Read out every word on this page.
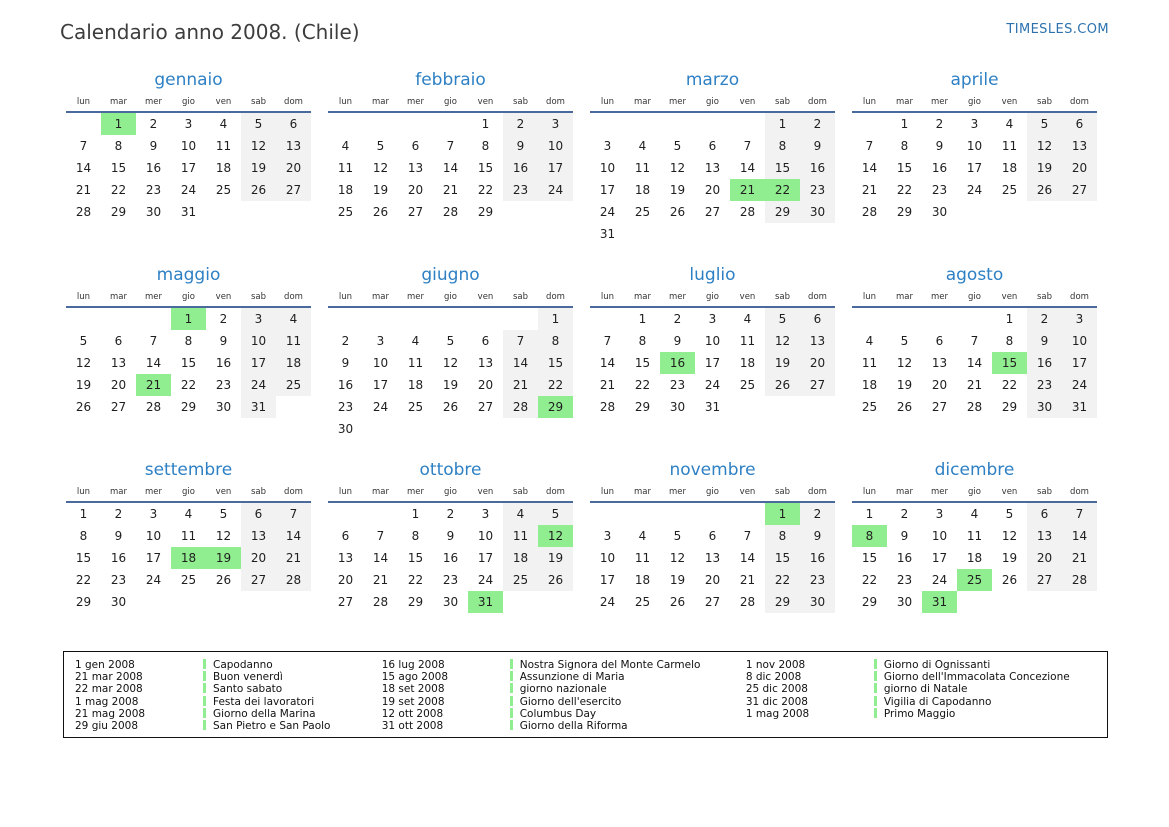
Calendario anno 2008. (Chile)	TIMESLES.COM
gennaio
lun	mar	mer	gio	ven	sab	dom
	1	2	3	4	5	6
7	8	9	10	11	12	13
14	15	16	17	18	19	20
21	22	23	24	25	26	27
28	29	30	31			
febbraio
lun	mar	mer	gio	ven	sab	dom
				1	2	3
4	5	6	7	8	9	10
11	12	13	14	15	16	17
18	19	20	21	22	23	24
25	26	27	28	29		
marzo
lun	mar	mer	gio	ven	sab	dom
					1	2
3	4	5	6	7	8	9
10	11	12	13	14	15	16
17	18	19	20	21	22	23
24	25	26	27	28	29	30
31						
aprile
lun	mar	mer	gio	ven	sab	dom
	1	2	3	4	5	6
7	8	9	10	11	12	13
14	15	16	17	18	19	20
21	22	23	24	25	26	27
28	29	30				
maggio
lun	mar	mer	gio	ven	sab	dom
			1	2	3	4
5	6	7	8	9	10	11
12	13	14	15	16	17	18
19	20	21	22	23	24	25
26	27	28	29	30	31	
giugno
lun	mar	mer	gio	ven	sab	dom
						1
2	3	4	5	6	7	8
9	10	11	12	13	14	15
16	17	18	19	20	21	22
23	24	25	26	27	28	29
30						
luglio
lun	mar	mer	gio	ven	sab	dom
	1	2	3	4	5	6
7	8	9	10	11	12	13
14	15	16	17	18	19	20
21	22	23	24	25	26	27
28	29	30	31			
agosto
lun	mar	mer	gio	ven	sab	dom
				1	2	3
4	5	6	7	8	9	10
11	12	13	14	15	16	17
18	19	20	21	22	23	24
25	26	27	28	29	30	31
settembre
lun	mar	mer	gio	ven	sab	dom
1	2	3	4	5	6	7
8	9	10	11	12	13	14
15	16	17	18	19	20	21
22	23	24	25	26	27	28
29	30					
ottobre
lun	mar	mer	gio	ven	sab	dom
		1	2	3	4	5
6	7	8	9	10	11	12
13	14	15	16	17	18	19
20	21	22	23	24	25	26
27	28	29	30	31		
novembre
lun	mar	mer	gio	ven	sab	dom
					1	2
3	4	5	6	7	8	9
10	11	12	13	14	15	16
17	18	19	20	21	22	23
24	25	26	27	28	29	30
dicembre
lun	mar	mer	gio	ven	sab	dom
1	2	3	4	5	6	7
8	9	10	11	12	13	14
15	16	17	18	19	20	21
22	23	24	25	26	27	28
29	30	31				
1 gen 2008	Capodanno
21 mar 2008	Buon venerdì
22 mar 2008	Santo sabato
1 mag 2008	Festa dei lavoratori
21 mag 2008	Giorno della Marina
29 giu 2008	San Pietro e San Paolo
16 lug 2008	Nostra Signora del Monte Carmelo
15 ago 2008	Assunzione di Maria
18 set 2008	giorno nazionale
19 set 2008	Giorno dell'esercito
12 ott 2008	Columbus Day
31 ott 2008	Giorno della Riforma
1 nov 2008	Giorno di Ognissanti
8 dic 2008	Giorno dell'Immacolata Concezione
25 dic 2008	giorno di Natale
31 dic 2008	Vigilia di Capodanno
1 mag 2008	Primo Maggio
